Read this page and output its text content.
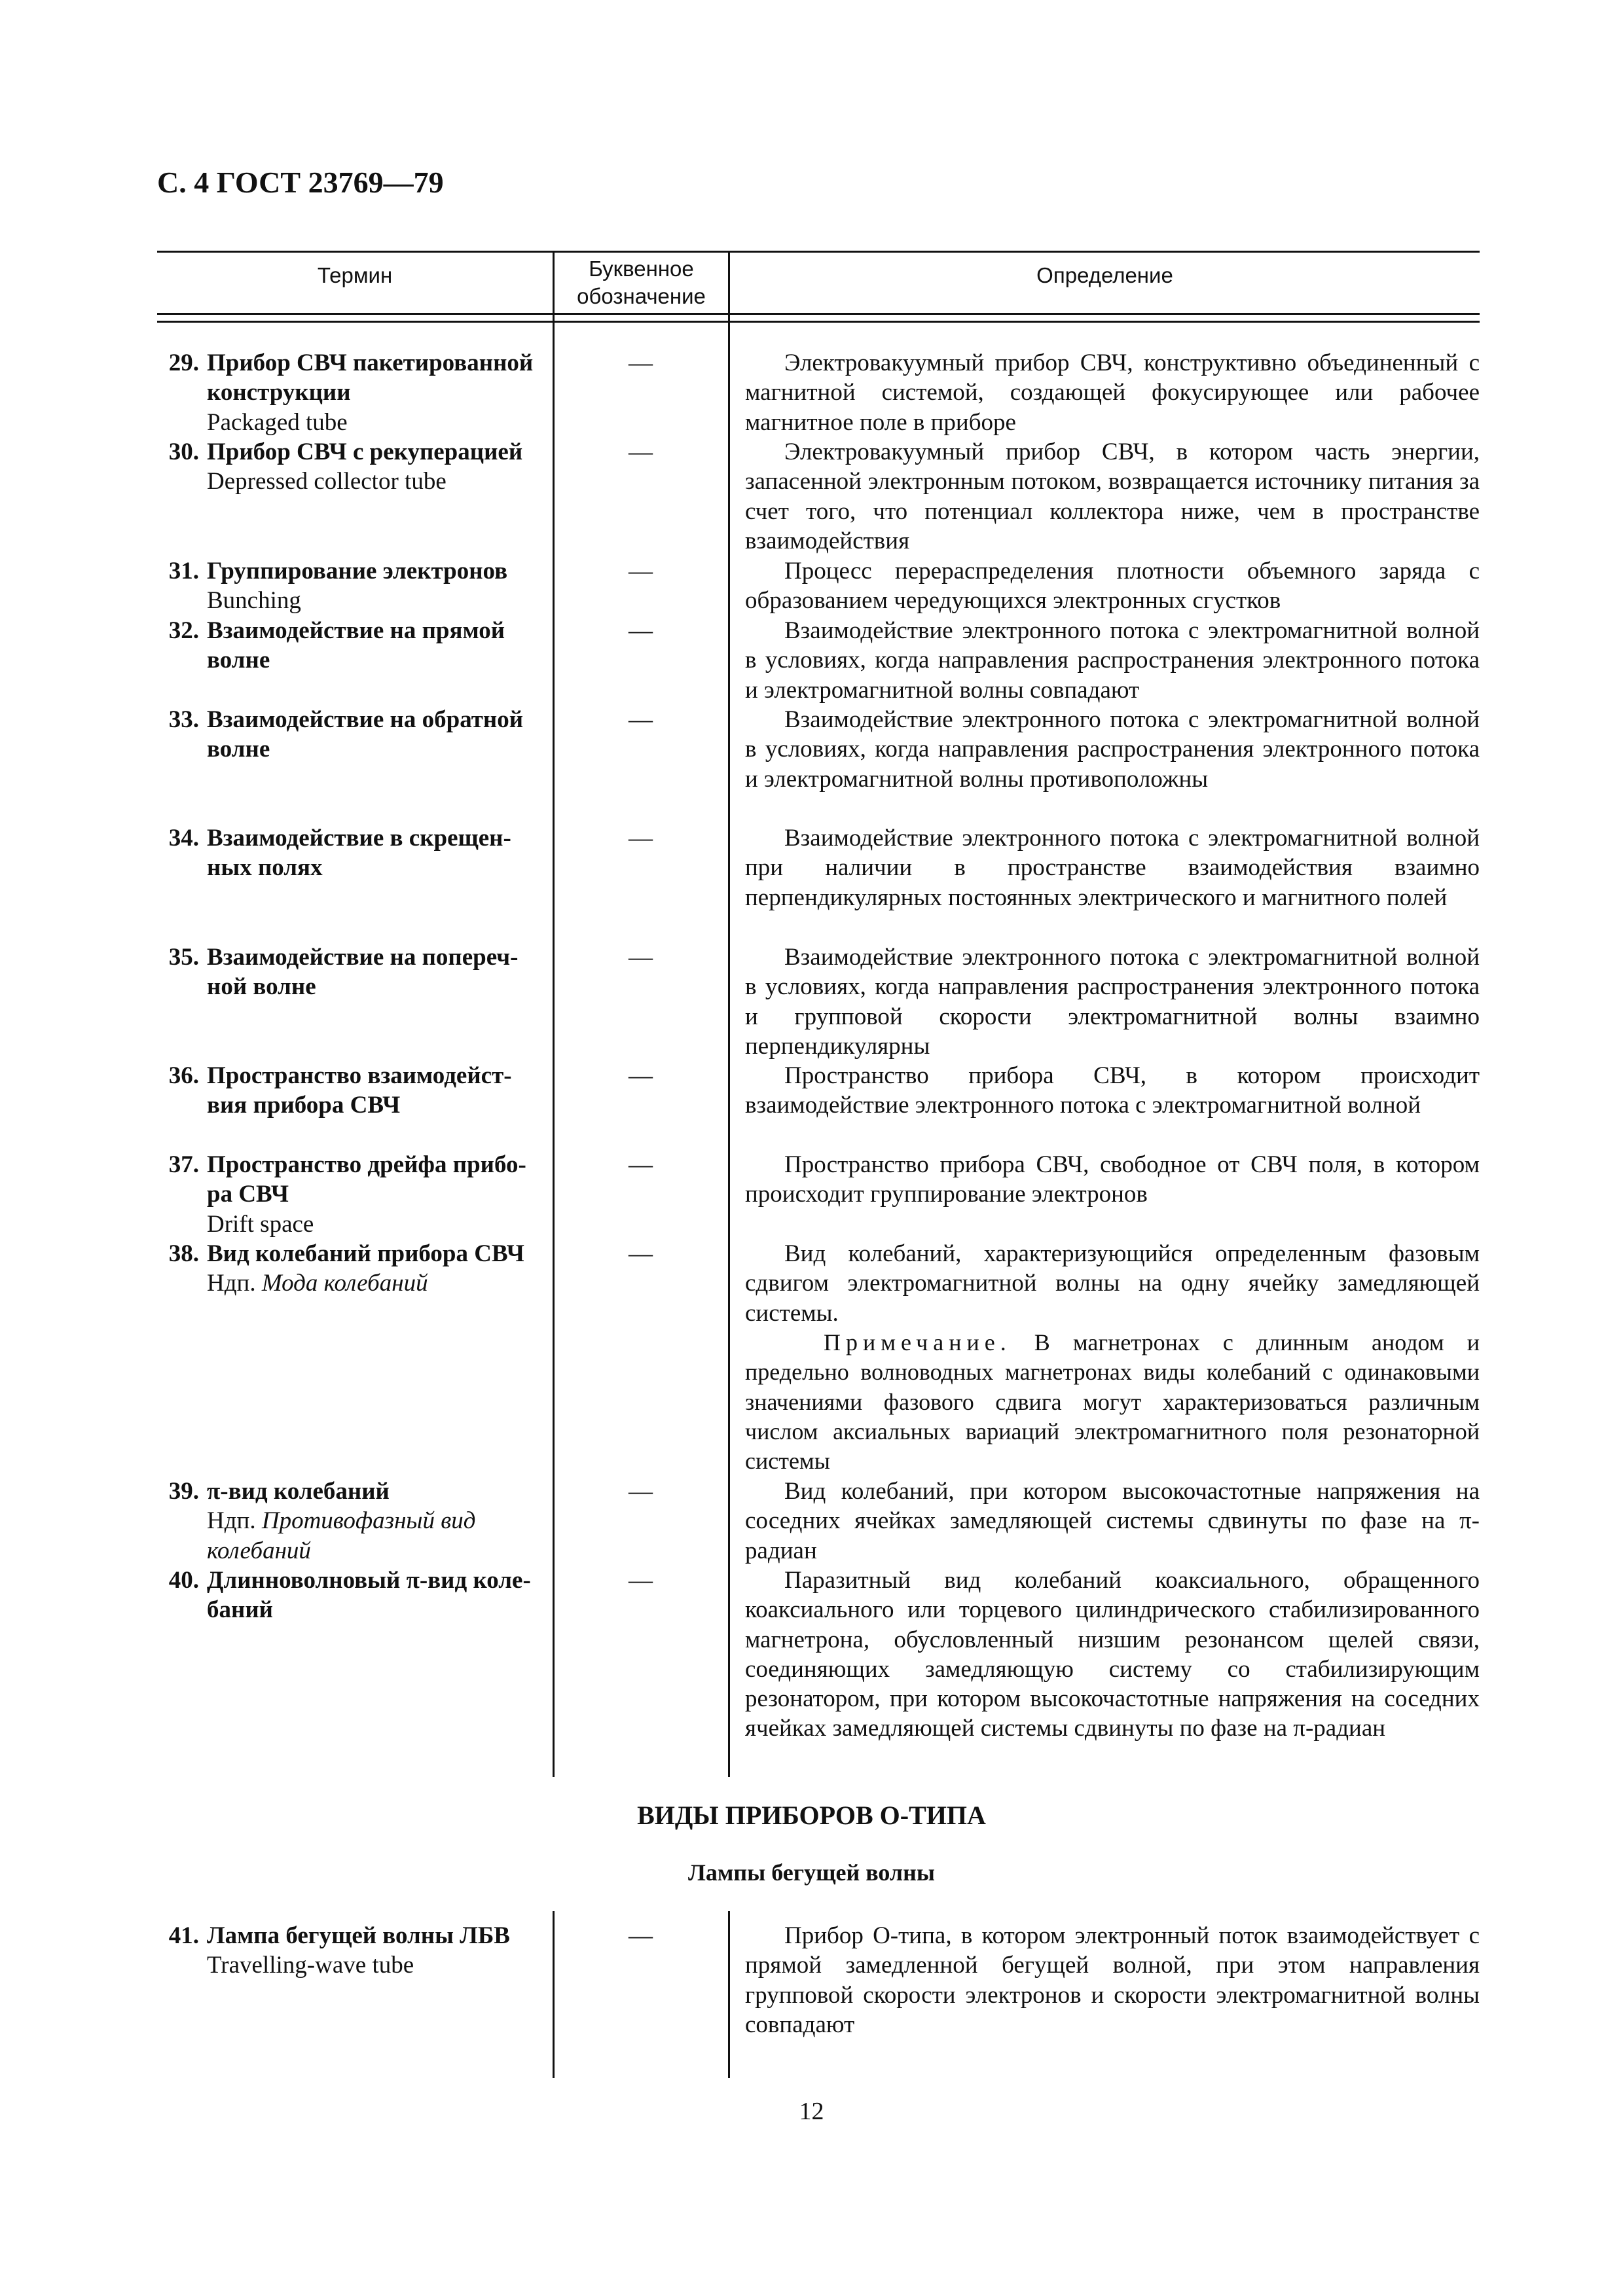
С. 4 ГОСТ 23769—79
Термин	Буквенное
обозначение
Определение
29. Прибор СВЧ пакетированной
конструкции
Packaged tube
—	Электровакуумный прибор СВЧ, конструктивно объединенный с магнитной системой, создающей фокусирующее или рабочее магнитное поле в приборе

30. Прибор СВЧ с рекуперацией
Depressed collector tube
—	Электровакуумный прибор СВЧ, в котором часть энергии, запасенной электронным потоком, возвращается источнику питания за счет того, что потенциал коллектора ниже, чем в пространстве взаимодействия

31. Группирование электронов
Bunching
—	Процесс перераспределения плотности объемного заряда с образованием чередующихся электронных сгустков

32. Взаимодействие на прямой
волне
—	Взаимодействие электронного потока с электромагнитной волной в условиях, когда направления распространения электронного потока и электромагнитной волны совпадают

33. Взаимодействие на обратной
волне
—	Взаимодействие электронного потока с электромагнитной волной в условиях, когда направления распространения электронного потока и электромагнитной волны противоположны

34. Взаимодействие в скрещен-
ных полях
—	Взаимодействие электронного потока с электромагнитной волной при наличии в пространстве взаимодействия взаимно перпендикулярных постоянных электрического и магнитного полей

35. Взаимодействие на попереч-
ной волне
—	Взаимодействие электронного потока с электромагнитной волной в условиях, когда направления распространения электронного потока и групповой скорости электромагнитной волны взаимно перпендикулярны

36. Пространство взаимодейст-
вия прибора СВЧ
—	Пространство прибора СВЧ, в котором происходит взаимодействие электронного потока с электромагнитной волной

37. Пространство дрейфа прибо-
ра СВЧ
Drift space
—	Пространство прибора СВЧ, свободное от СВЧ поля, в котором происходит группирование электронов

38. Вид колебаний прибора СВЧ
Ндп. Мода колебаний
—	Вид колебаний, характеризующийся определенным фазовым сдвигом электромагнитной волны на одну ячейку замедляющей системы.

Примечание. В магнетронах с длинным анодом и предельно волноводных магнетронах виды колебаний с одинаковыми значениями фазового сдвига могут характеризоваться различным числом аксиальных вариаций электромагнитного поля резонаторной системы

39. π-вид колебаний
Ндп. Противофазный вид колебаний
—	Вид колебаний, при котором высокочастотные напряжения на соседних ячейках замедляющей системы сдвинуты по фазе на π-радиан

40. Длинноволновый π-вид коле-
баний
—	Паразитный вид колебаний коаксиального, обращенного коаксиального или торцевого цилиндрического стабилизированного магнетрона, обусловленный низшим резонансом щелей связи, соединяющих замедляющую систему со стабилизирующим резонатором, при котором высокочастотные напряжения на соседних ячейках замедляющей системы сдвинуты по фазе на π-радиан

ВИДЫ ПРИБОРОВ О-ТИПА
Лампы бегущей волны
41. Лампа бегущей волны ЛБВ
Travelling-wave tube
—	Прибор О-типа, в котором электронный поток взаимодействует с прямой замедленной бегущей волной, при этом направления групповой скорости электронов и скорости электромагнитной волны совпадают

12
